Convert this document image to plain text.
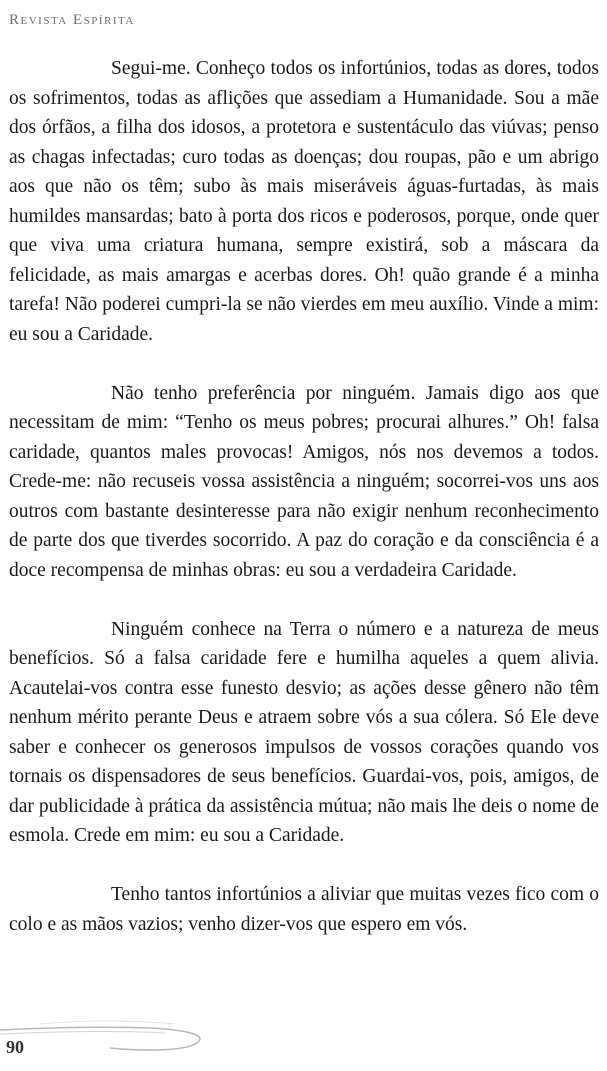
Revista Espírita

Segui-me. Conheço todos os infortúnios, todas as dores, todos os sofrimentos, todas as aflições que assediam a Humanidade. Sou a mãe dos órfãos, a filha dos idosos, a protetora e sustentáculo das viúvas; penso as chagas infectadas; curo todas as doenças; dou roupas, pão e um abrigo aos que não os têm; subo às mais miseráveis águas-furtadas, às mais humildes mansardas; bato à porta dos ricos e poderosos, porque, onde quer que viva uma criatura humana, sempre existirá, sob a máscara da felicidade, as mais amargas e acerbas dores. Oh! quão grande é a minha tarefa! Não poderei cumpri-la se não vierdes em meu auxílio. Vinde a mim: eu sou a Caridade.

Não tenho preferência por ninguém. Jamais digo aos que necessitam de mim: “Tenho os meus pobres; procurai alhures.” Oh! falsa caridade, quantos males provocas! Amigos, nós nos devemos a todos. Crede-me: não recuseis vossa assistência a ninguém; socorrei-vos uns aos outros com bastante desinteresse para não exigir nenhum reconhecimento de parte dos que tiverdes socorrido. A paz do coração e da consciência é a doce recompensa de minhas obras: eu sou a verdadeira Caridade.

Ninguém conhece na Terra o número e a natureza de meus benefícios. Só a falsa caridade fere e humilha aqueles a quem alivia. Acautelai-vos contra esse funesto desvio; as ações desse gênero não têm nenhum mérito perante Deus e atraem sobre vós a sua cólera. Só Ele deve saber e conhecer os generosos impulsos de vossos corações quando vos tornais os dispensadores de seus benefícios. Guardai-vos, pois, amigos, de dar publicidade à prática da assistência mútua; não mais lhe deis o nome de esmola. Crede em mim: eu sou a Caridade.

Tenho tantos infortúnios a aliviar que muitas vezes fico com o colo e as mãos vazios; venho dizer-vos que espero em vós.

90
